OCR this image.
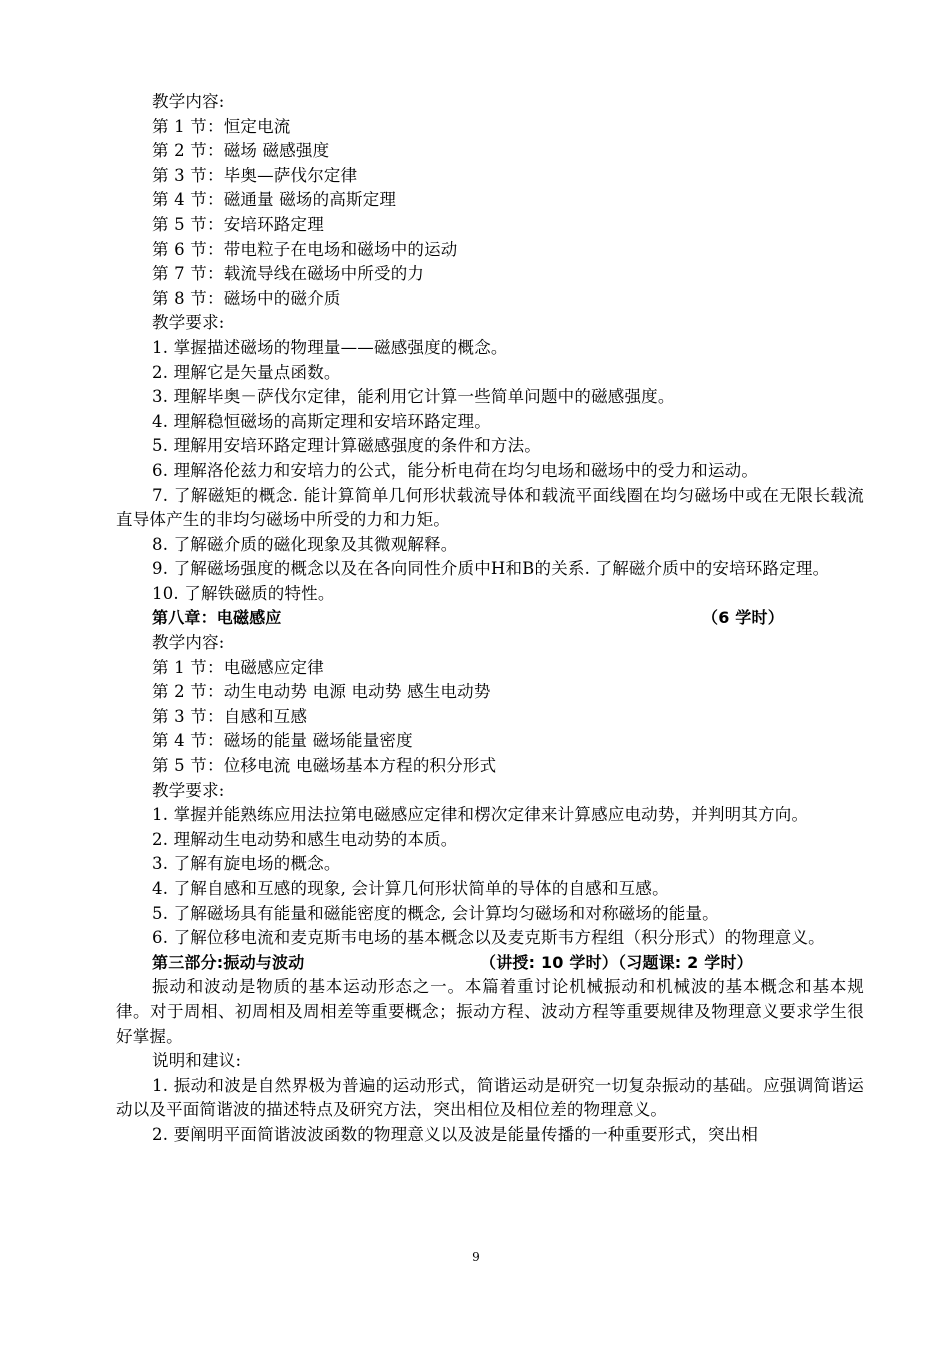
教学内容:
第 1 节：恒定电流
第 2 节：磁场 磁感强度
第 3 节：毕奥—萨伐尔定律
第 4 节：磁通量 磁场的高斯定理
第 5 节：安培环路定理
第 6 节：带电粒子在电场和磁场中的运动
第 7 节：载流导线在磁场中所受的力
第 8 节：磁场中的磁介质
教学要求:
1. 掌握描述磁场的物理量——磁感强度的概念。
2. 理解它是矢量点函数。
3. 理解毕奥－萨伐尔定律，能利用它计算一些简单问题中的磁感强度。
4. 理解稳恒磁场的高斯定理和安培环路定理。
5. 理解用安培环路定理计算磁感强度的条件和方法。
6. 理解洛伦兹力和安培力的公式，能分析电荷在均匀电场和磁场中的受力和运动。
7. 了解磁矩的概念. 能计算简单几何形状载流导体和载流平面线圈在均匀磁场中或在无限长载流直导体产生的非均匀磁场中所受的力和力矩。
8. 了解磁介质的磁化现象及其微观解释。
9. 了解磁场强度的概念以及在各向同性介质中H和B的关系. 了解磁介质中的安培环路定理。
10. 了解铁磁质的特性。
第八章：电磁感应	（6 学时）
教学内容:
第 1 节：电磁感应定律
第 2 节：动生电动势 电源 电动势 感生电动势
第 3 节：自感和互感
第 4 节：磁场的能量 磁场能量密度
第 5 节：位移电流 电磁场基本方程的积分形式
教学要求:
1. 掌握并能熟练应用法拉第电磁感应定律和楞次定律来计算感应电动势，并判明其方向。
2. 理解动生电动势和感生电动势的本质。
3. 了解有旋电场的概念。
4. 了解自感和互感的现象, 会计算几何形状简单的导体的自感和互感。
5. 了解磁场具有能量和磁能密度的概念, 会计算均匀磁场和对称磁场的能量。
6. 了解位移电流和麦克斯韦电场的基本概念以及麦克斯韦方程组（积分形式）的物理意义。
第三部分:振动与波动	（讲授: 10 学时）（习题课: 2 学时）
振动和波动是物质的基本运动形态之一。本篇着重讨论机械振动和机械波的基本概念和基本规律。对于周相、初周相及周相差等重要概念；振动方程、波动方程等重要规律及物理意义要求学生很好掌握。
说明和建议:
1. 振动和波是自然界极为普遍的运动形式，简谐运动是研究一切复杂振动的基础。应强调简谐运动以及平面简谐波的描述特点及研究方法，突出相位及相位差的物理意义。
2. 要阐明平面简谐波波函数的物理意义以及波是能量传播的一种重要形式，突出相
9
